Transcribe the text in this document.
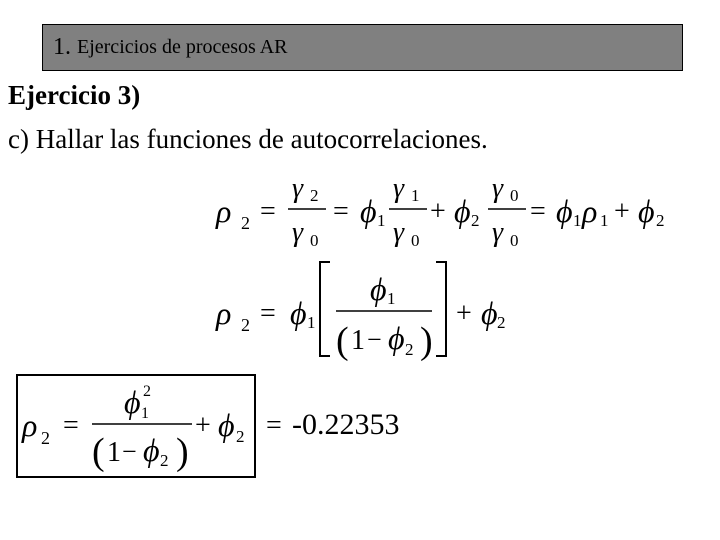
1. Ejercicios de procesos AR
Ejercicio 3)
c) Hallar las funciones de autocorrelaciones.
ρ 2 =
γ 2
γ 0
= ϕ 1
γ 1
γ 0
+ ϕ 2
γ 0
γ 0
= ϕ 1 ρ 1 + ϕ 2
ρ 2 = ϕ 1
ϕ 1
( 1 − ϕ 2 )
+ ϕ 2
ρ 2 =
ϕ 1
2
( 1 − ϕ 2 )
+ ϕ 2 = -0.22353
